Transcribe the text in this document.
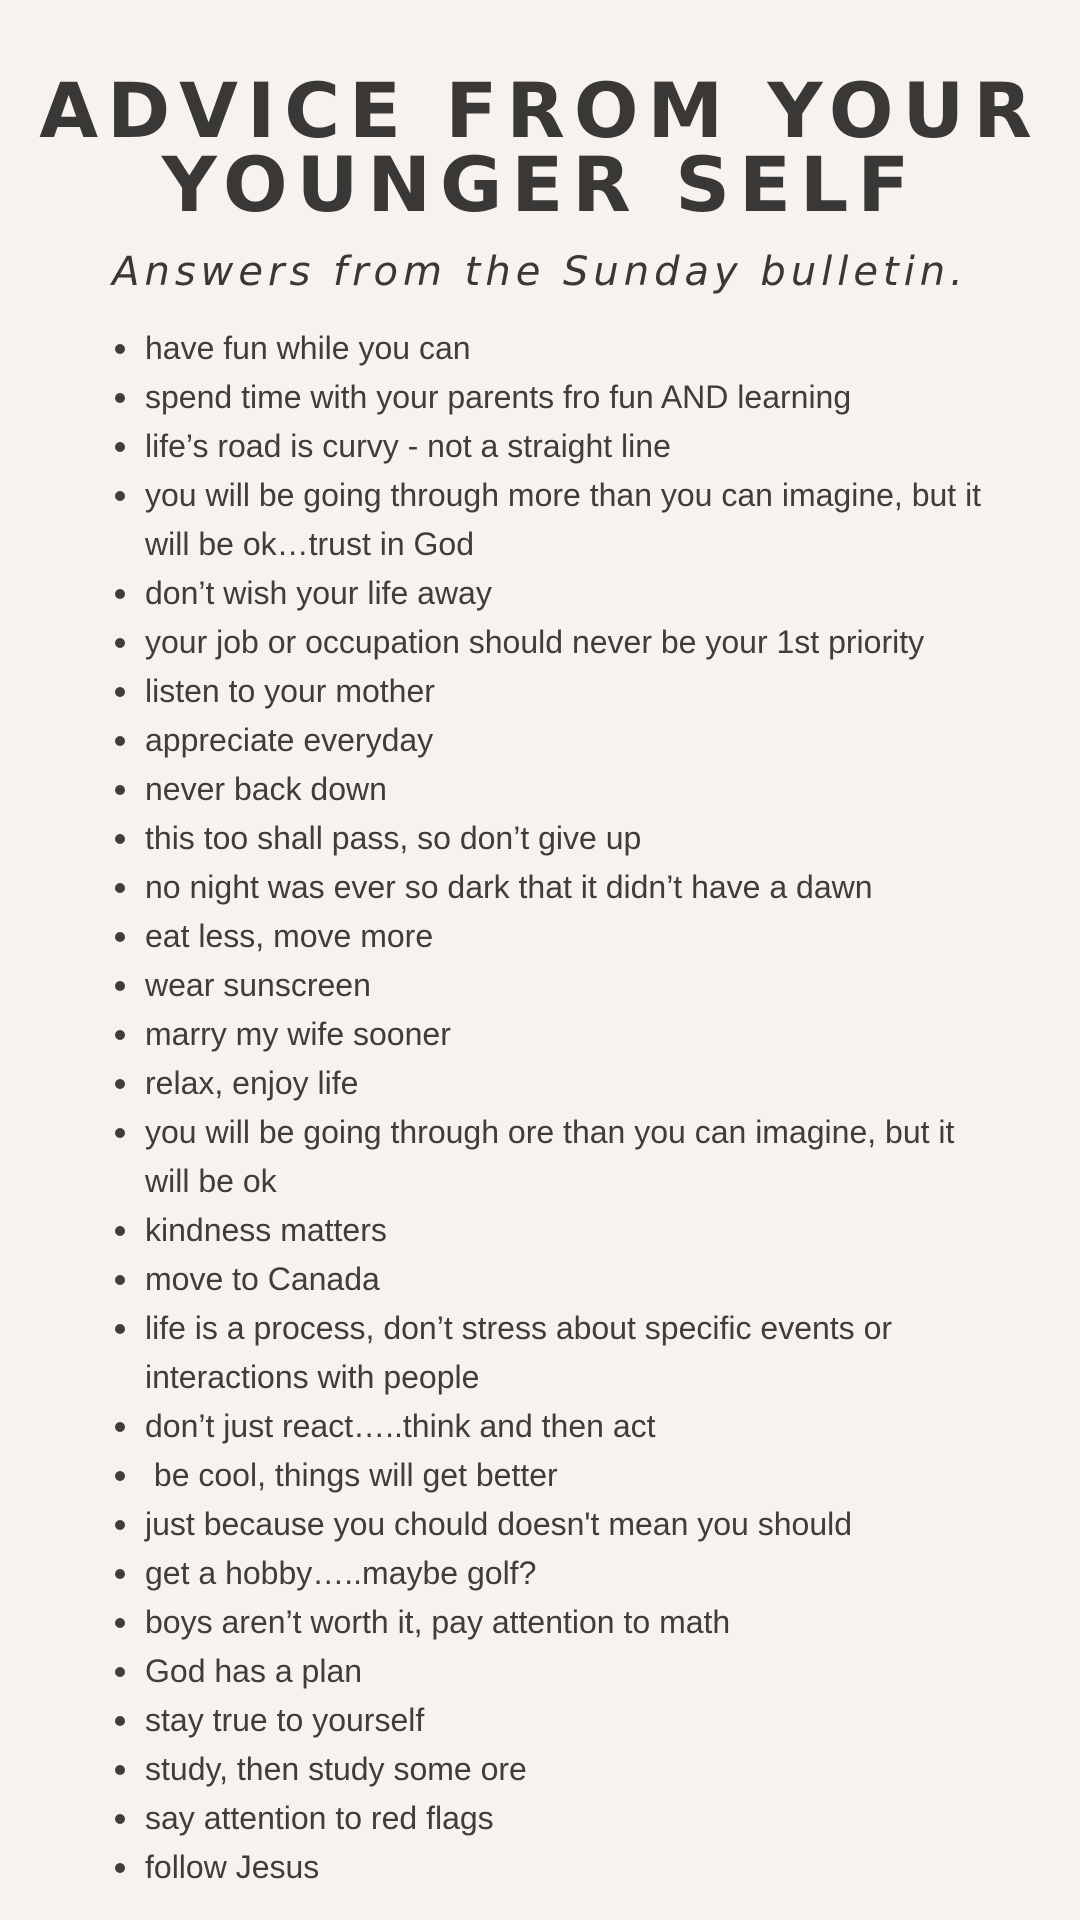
ADVICE FROM YOUR
YOUNGER SELF

Answers from the Sunday bulletin.

have fun while you can
spend time with your parents fro fun AND learning
life’s road is curvy - not a straight line
you will be going through more than you can imagine, but it will be ok…trust in God
don’t wish your life away
your job or occupation should never be your 1st priority
listen to your mother
appreciate everyday
never back down
this too shall pass, so don’t give up
no night was ever so dark that it didn’t have a dawn
eat less, move more
wear sunscreen
marry my wife sooner
relax, enjoy life
you will be going through ore than you can imagine, but it will be ok
kindness matters
move to Canada
life is a process, don’t stress about specific events or interactions with people
don’t just react…..think and then act
be cool, things will get better
just because you chould doesn't mean you should
get a hobby…..maybe golf?
boys aren’t worth it, pay attention to math
God has a plan
stay true to yourself
study, then study some ore
say attention to red flags
follow Jesus
